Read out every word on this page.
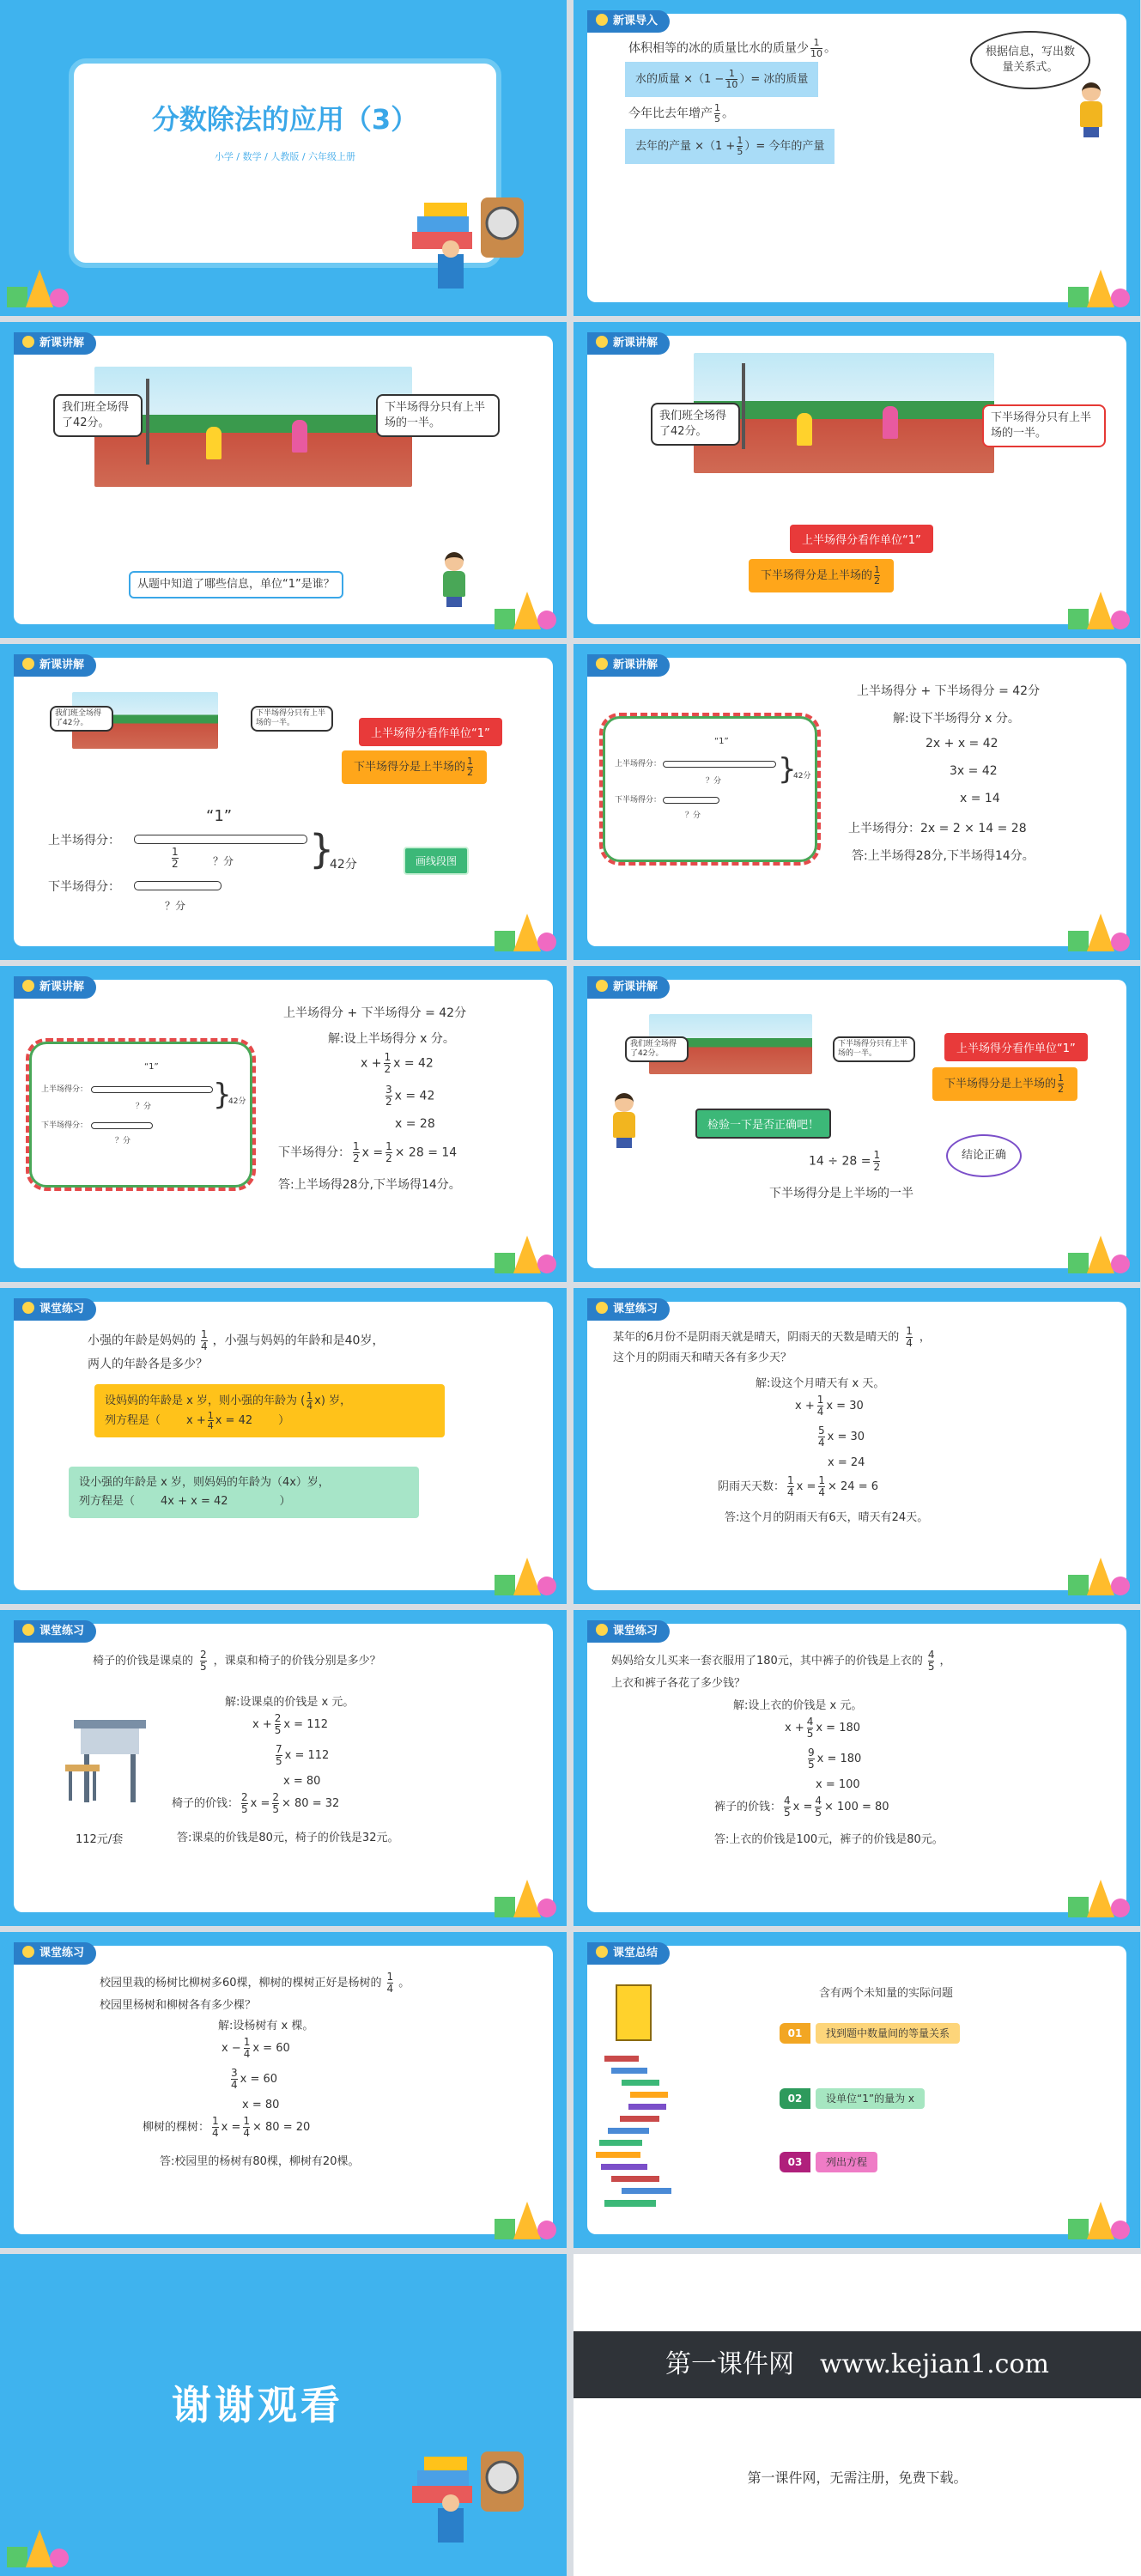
分数除法的应用（3）
小学 / 数学 / 人教版 / 六年级上册
新课导入
体积相等的冰的质量比水的质量少 $\frac{1}{10}$ 。
水的质量 $\times(1 - \frac{1}{10}$ ）= 冰的质量
今年比去年增产 $\frac{1}{5}$ 。
去年的产量 $\times(1 + \frac{1}{5}$ ）= 今年的产量
根据信息，写出数量关系式。
新课讲解
我们班全场得了42分。
下半场得分只有上半场的一半。
从题中知道了哪些信息，单位“1”是谁？
新课讲解
我们班全场得了42分。
下半场得分只有上半场的一半。
上半场得分看作单位“1”
下半场得分是上半场的 $\frac{1}{2}$
新课讲解
我们班全场得了42分。
下半场得分只有上半场的一半。
上半场得分看作单位“1”
下半场得分是上半场的 $\frac{1}{2}$
“1”
上半场得分：
1
2	？分
下半场得分：
？分
}
42分	画线段图
新课讲解
“1”
上半场得分：
？分
下半场得分：
？分
}
42分
上半场得分 + 下半场得分 = 42分
解:设下半场得分 x 分。
2x + x = 42
3x = 42
x = 14
上半场得分：2x = 2 × 14 = 28
答:上半场得28分,下半场得14分。
新课讲解
“1”
上半场得分：
？分
下半场得分：
？分
}
42分
上半场得分 + 下半场得分 = 42分
解:设上半场得分 x 分。
$x + \frac{1}{2}$ x = 42
$\frac{3}{2}$ x = 42
x = 28
下半场得分： $\frac{1}{2}$ $x = \frac{1}{2} \times 28 = 14$
答:上半场得28分,下半场得14分。
新课讲解
我们班全场得了42分。
下半场得分只有上半场的一半。	上半场得分看作单位“1”
下半场得分是上半场的 $\frac{1}{2}$
检验一下是否正确吧！
$14 \div 28 = \frac{1}{2}$
下半场得分是上半场的一半
结论正确
课堂练习
小强的年龄是妈妈的 $\frac{1}{4}$ ，小强与妈妈的年龄和是40岁，
两人的年龄各是多少？
设妈妈的年龄是 x 岁，则小强的年龄为 ( $\frac{1}{4} x$) 岁，
列方程是（ $x + \frac{1}{4}$ x = 42 ）
设小强的年龄是 x 岁，则妈妈的年龄为（4x）岁，
列方程是（ 4x + x = 42	）
课堂练习
某年的6月份不是阴雨天就是晴天，阴雨天的天数是晴天的 $\frac{1}{4}$ ，
这个月的阴雨天和晴天各有多少天？
解:设这个月晴天有 x 天。
$x + \frac{1}{4}$ x = 30
$\frac{5}{4}$ x = 30
x = 24
阴雨天天数： $\frac{1}{4}$ $x = \frac{1}{4} \times 24 = 6$
答:这个月的阴雨天有6天，晴天有24天。
课堂练习
椅子的价钱是课桌的 $\frac{2}{5}$ ，课桌和椅子的价钱分别是多少？
112元/套
解:设课桌的价钱是 x 元。
$x + \frac{2}{5}$ x = 112
$\frac{7}{5}$ x = 112
x = 80
椅子的价钱： $\frac{2}{5}$ $x = \frac{2}{5} \times 80 = 32$
答:课桌的价钱是80元，椅子的价钱是32元。
课堂练习
妈妈给女儿买来一套衣服用了180元，其中裤子的价钱是上衣的 $\frac{4}{5}$ ，
上衣和裤子各花了多少钱？
解:设上衣的价钱是 x 元。
$x + \frac{4}{5}$ x = 180
$\frac{9}{5}$ x = 180
x = 100
裤子的价钱： $\frac{4}{5}$ $x = \frac{4}{5} \times 100 = 80$
答:上衣的价钱是100元，裤子的价钱是80元。
课堂练习
校园里栽的杨树比柳树多60棵，柳树的棵树正好是杨树的 $\frac{1}{4}$ 。
校园里杨树和柳树各有多少棵？
解:设杨树有 x 棵。
$x - \frac{1}{4}$ x = 60
$\frac{3}{4}$ x = 60
x = 80
柳树的棵树： $\frac{1}{4}$ $x = \frac{1}{4} \times 80 = 20$
答:校园里的杨树有80棵，柳树有20棵。
课堂总结
含有两个未知量的实际问题
01 找到题中数量间的等量关系
02 设单位“1”的量为 x
03 列出方程
谢谢观看
第一课件网　www.kejian1.com
第一课件网，无需注册，免费下载。
